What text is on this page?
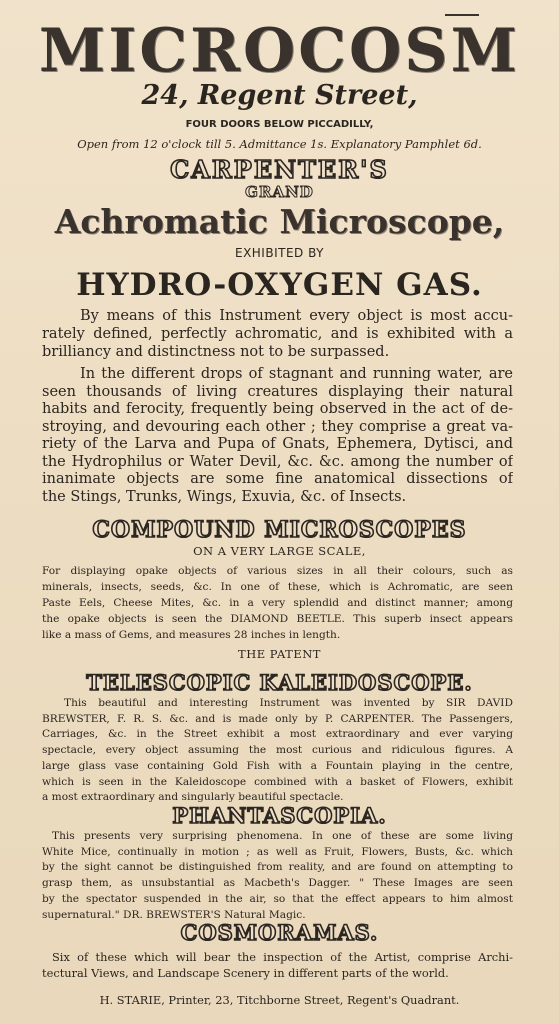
MICROCOSM
24, Regent Street,
FOUR DOORS BELOW PICCADILLY,
Open from 12 o'clock till 5. Admittance 1s. Explanatory Pamphlet 6d.
CARPENTER'S
GRAND
Achromatic Microscope,
EXHIBITED BY
HYDRO-OXYGEN GAS.
By means of this Instrument every object is most accu-
rately defined, perfectly achromatic, and is exhibited with a
brilliancy and distinctness not to be surpassed.
In the different drops of stagnant and running water, are
seen thousands of living creatures displaying their natural
habits and ferocity, frequently being observed in the act of de-
stroying, and devouring each other ; they comprise a great va-
riety of the Larva and Pupa of Gnats, Ephemera, Dytisci, and
the Hydrophilus or Water Devil, &c. &c. among the number of
inanimate objects are some fine anatomical dissections of
the Stings, Trunks, Wings, Exuvia, &c. of Insects.
COMPOUND MICROSCOPES
ON A VERY LARGE SCALE,
For displaying opake objects of various sizes in all their colours, such as
minerals, insects, seeds, &c. In one of these, which is Achromatic, are seen
Paste Eels, Cheese Mites, &c. in a very splendid and distinct manner; among
the opake objects is seen the DIAMOND BEETLE. This superb insect appears
like a mass of Gems, and measures 28 inches in length.
THE PATENT
TELESCOPIC KALEIDOSCOPE.
This beautiful and interesting Instrument was invented by SIR DAVID
BREWSTER, F. R. S. &c. and is made only by P. CARPENTER. The Passengers,
Carriages, &c. in the Street exhibit a most extraordinary and ever varying
spectacle, every object assuming the most curious and ridiculous figures. A
large glass vase containing Gold Fish with a Fountain playing in the centre,
which is seen in the Kaleidoscope combined with a basket of Flowers, exhibit
a most extraordinary and singularly beautiful spectacle.
PHANTASCOPIA.
This presents very surprising phenomena. In one of these are some living
White Mice, continually in motion ; as well as Fruit, Flowers, Busts, &c. which
by the sight cannot be distinguished from reality, and are found on attempting to
grasp them, as unsubstantial as Macbeth's Dagger. " These Images are seen
by the spectator suspended in the air, so that the effect appears to him almost
supernatural." DR. BREWSTER'S Natural Magic.
COSMORAMAS.
Six of these which will bear the inspection of the Artist, comprise Archi-
tectural Views, and Landscape Scenery in different parts of the world.
H. STARIE, Printer, 23, Titchborne Street, Regent's Quadrant.
